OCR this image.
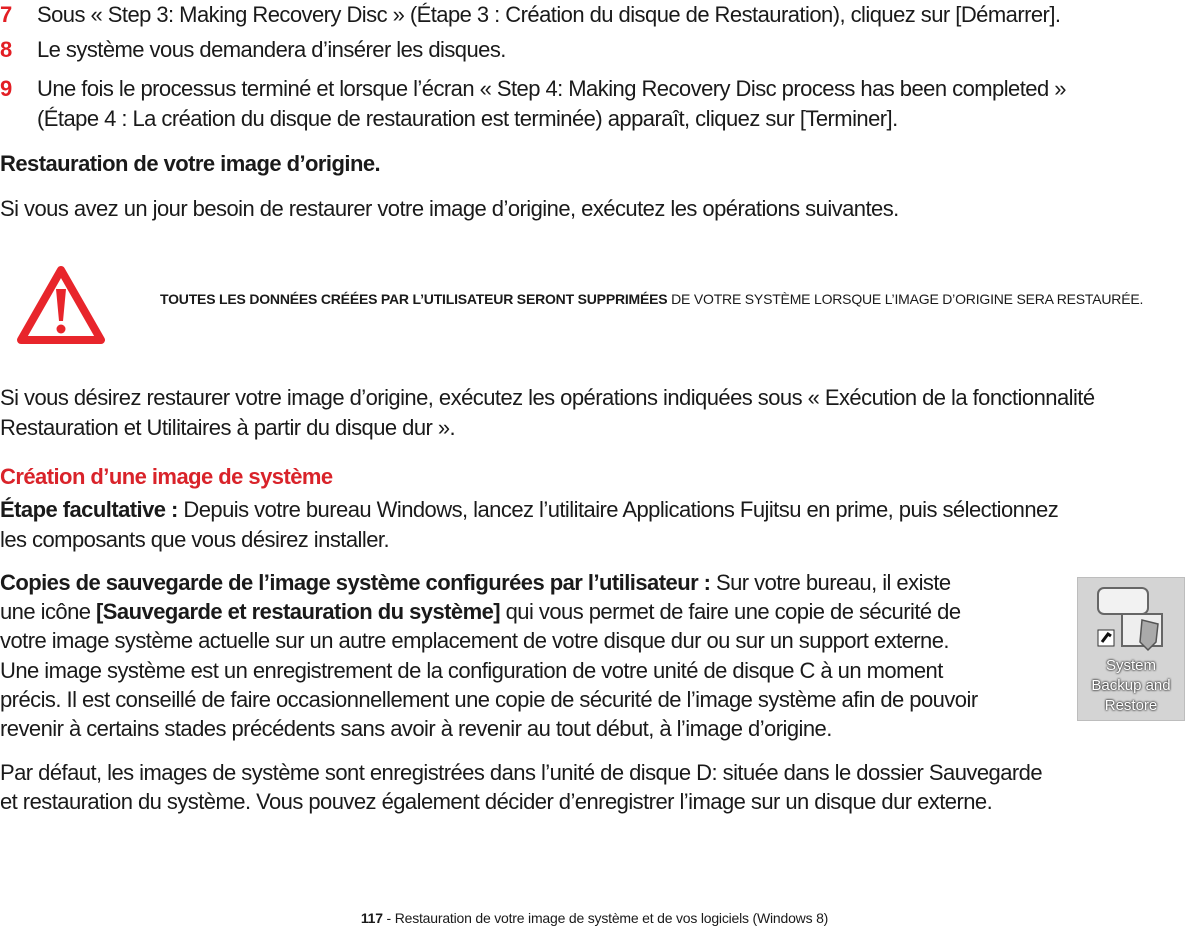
7 Sous « Step 3: Making Recovery Disc » (Étape 3 : Création du disque de Restauration), cliquez sur [Démarrer].
8 Le système vous demandera d’insérer les disques.
9 Une fois le processus terminé et lorsque l’écran « Step 4: Making Recovery Disc process has been completed »
(Étape 4 : La création du disque de restauration est terminée) apparaît, cliquez sur [Terminer].
Restauration de votre image d’origine.
Si vous avez un jour besoin de restaurer votre image d’origine, exécutez les opérations suivantes.
TOUTES LES DONNÉES CRÉÉES PAR L’UTILISATEUR SERONT SUPPRIMÉES DE VOTRE SYSTÈME LORSQUE L’IMAGE D’ORIGINE SERA RESTAURÉE.
Si vous désirez restaurer votre image d’origine, exécutez les opérations indiquées sous « Exécution de la fonctionnalité
Restauration et Utilitaires à partir du disque dur ».
Création d’une image de système
Étape facultative : Depuis votre bureau Windows, lancez l’utilitaire Applications Fujitsu en prime, puis sélectionnez
les composants que vous désirez installer.
Copies de sauvegarde de l’image système configurées par l’utilisateur : Sur votre bureau, il existe
une icône [Sauvegarde et restauration du système] qui vous permet de faire une copie de sécurité de
votre image système actuelle sur un autre emplacement de votre disque dur ou sur un support externe.
Une image système est un enregistrement de la configuration de votre unité de disque C à un moment
précis. Il est conseillé de faire occasionnellement une copie de sécurité de l’image système afin de pouvoir
revenir à certains stades précédents sans avoir à revenir au tout début, à l’image d’origine.
System
Backup and
Restore
Par défaut, les images de système sont enregistrées dans l’unité de disque D: située dans le dossier Sauvegarde
et restauration du système. Vous pouvez également décider d’enregistrer l’image sur un disque dur externe.
117 - Restauration de votre image de système et de vos logiciels (Windows 8)
